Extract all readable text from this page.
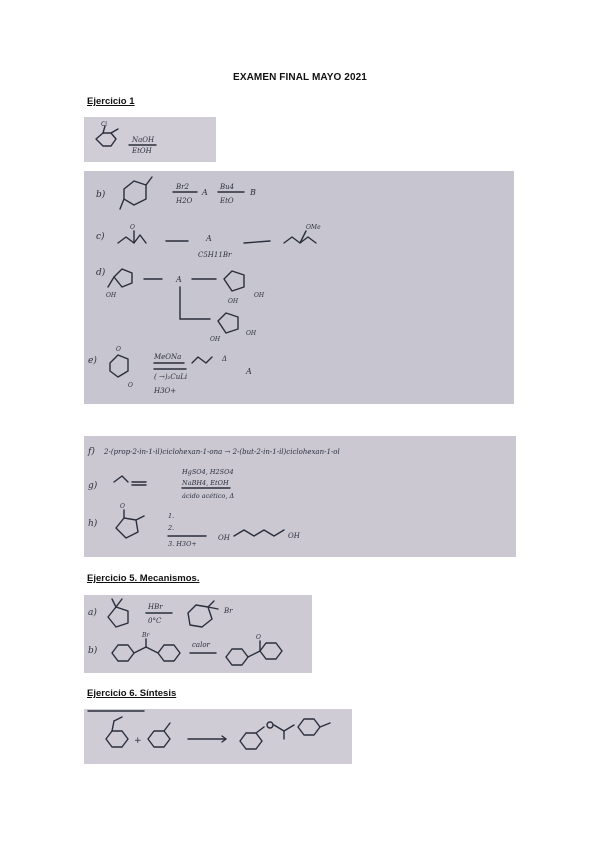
EXAMEN FINAL MAYO 2021
Ejercicio 1
Cl
NaOH
EtOH
b)
Br2
H2O
A
Bu4
EtO
B
c)
O
A
C5H11Br
OMe
d)
OH
A
OH
OH
OH
OH
e)
O
O
MeONa	Δ
( →)₂CuLi
H3O+
A
f) 2-(prop-2-in-1-il)ciclohexan-1-ona → 2-(but-2-in-1-il)ciclohexan-1-ol
g)
HgSO4, H2SO4
NaBH4, EtOH
ácido acético, Δ
h)
O
1.
2.
3. H3O+
OH	OH
Ejercicio 5. Mecanismos.
a)
HBr
0°C
Br
b)
Br
calor
O
Ejercicio 6. Síntesis
+
